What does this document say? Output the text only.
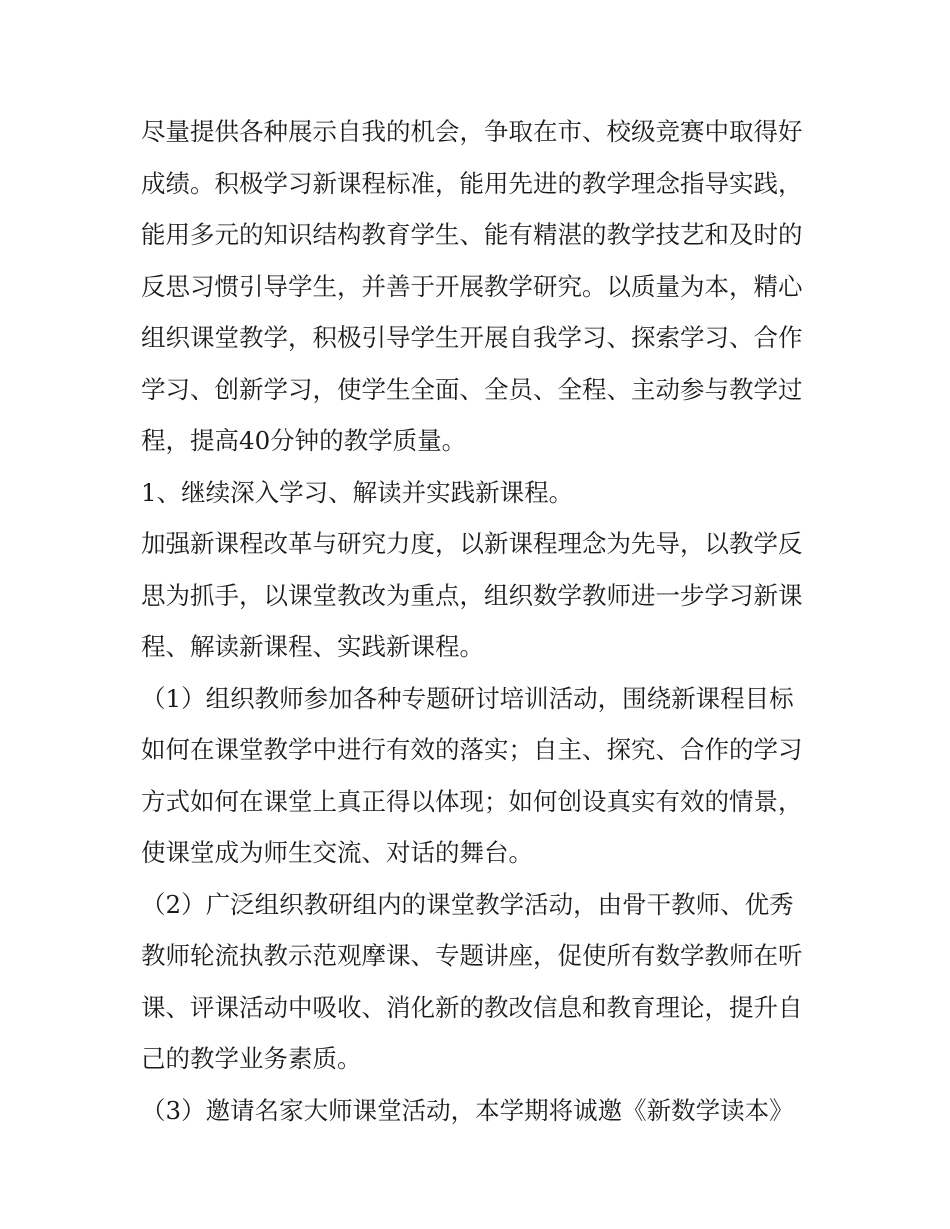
尽量提供各种展示自我的机会，争取在市、校级竞赛中取得好
成绩。积极学习新课程标准，能用先进的教学理念指导实践，
能用多元的知识结构教育学生、能有精湛的教学技艺和及时的
反思习惯引导学生，并善于开展教学研究。以质量为本，精心
组织课堂教学，积极引导学生开展自我学习、探索学习、合作
学习、创新学习，使学生全面、全员、全程、主动参与教学过
程，提高40分钟的教学质量。
1、继续深入学习、解读并实践新课程。
加强新课程改革与研究力度，以新课程理念为先导，以教学反
思为抓手，以课堂教改为重点，组织数学教师进一步学习新课
程、解读新课程、实践新课程。
（1）组织教师参加各种专题研讨培训活动，围绕新课程目标
如何在课堂教学中进行有效的落实；自主、探究、合作的学习
方式如何在课堂上真正得以体现；如何创设真实有效的情景，
使课堂成为师生交流、对话的舞台。
（2）广泛组织教研组内的课堂教学活动，由骨干教师、优秀
教师轮流执教示范观摩课、专题讲座，促使所有数学教师在听
课、评课活动中吸收、消化新的教改信息和教育理论，提升自
己的教学业务素质。
（3）邀请名家大师课堂活动，本学期将诚邀《新数学读本》
